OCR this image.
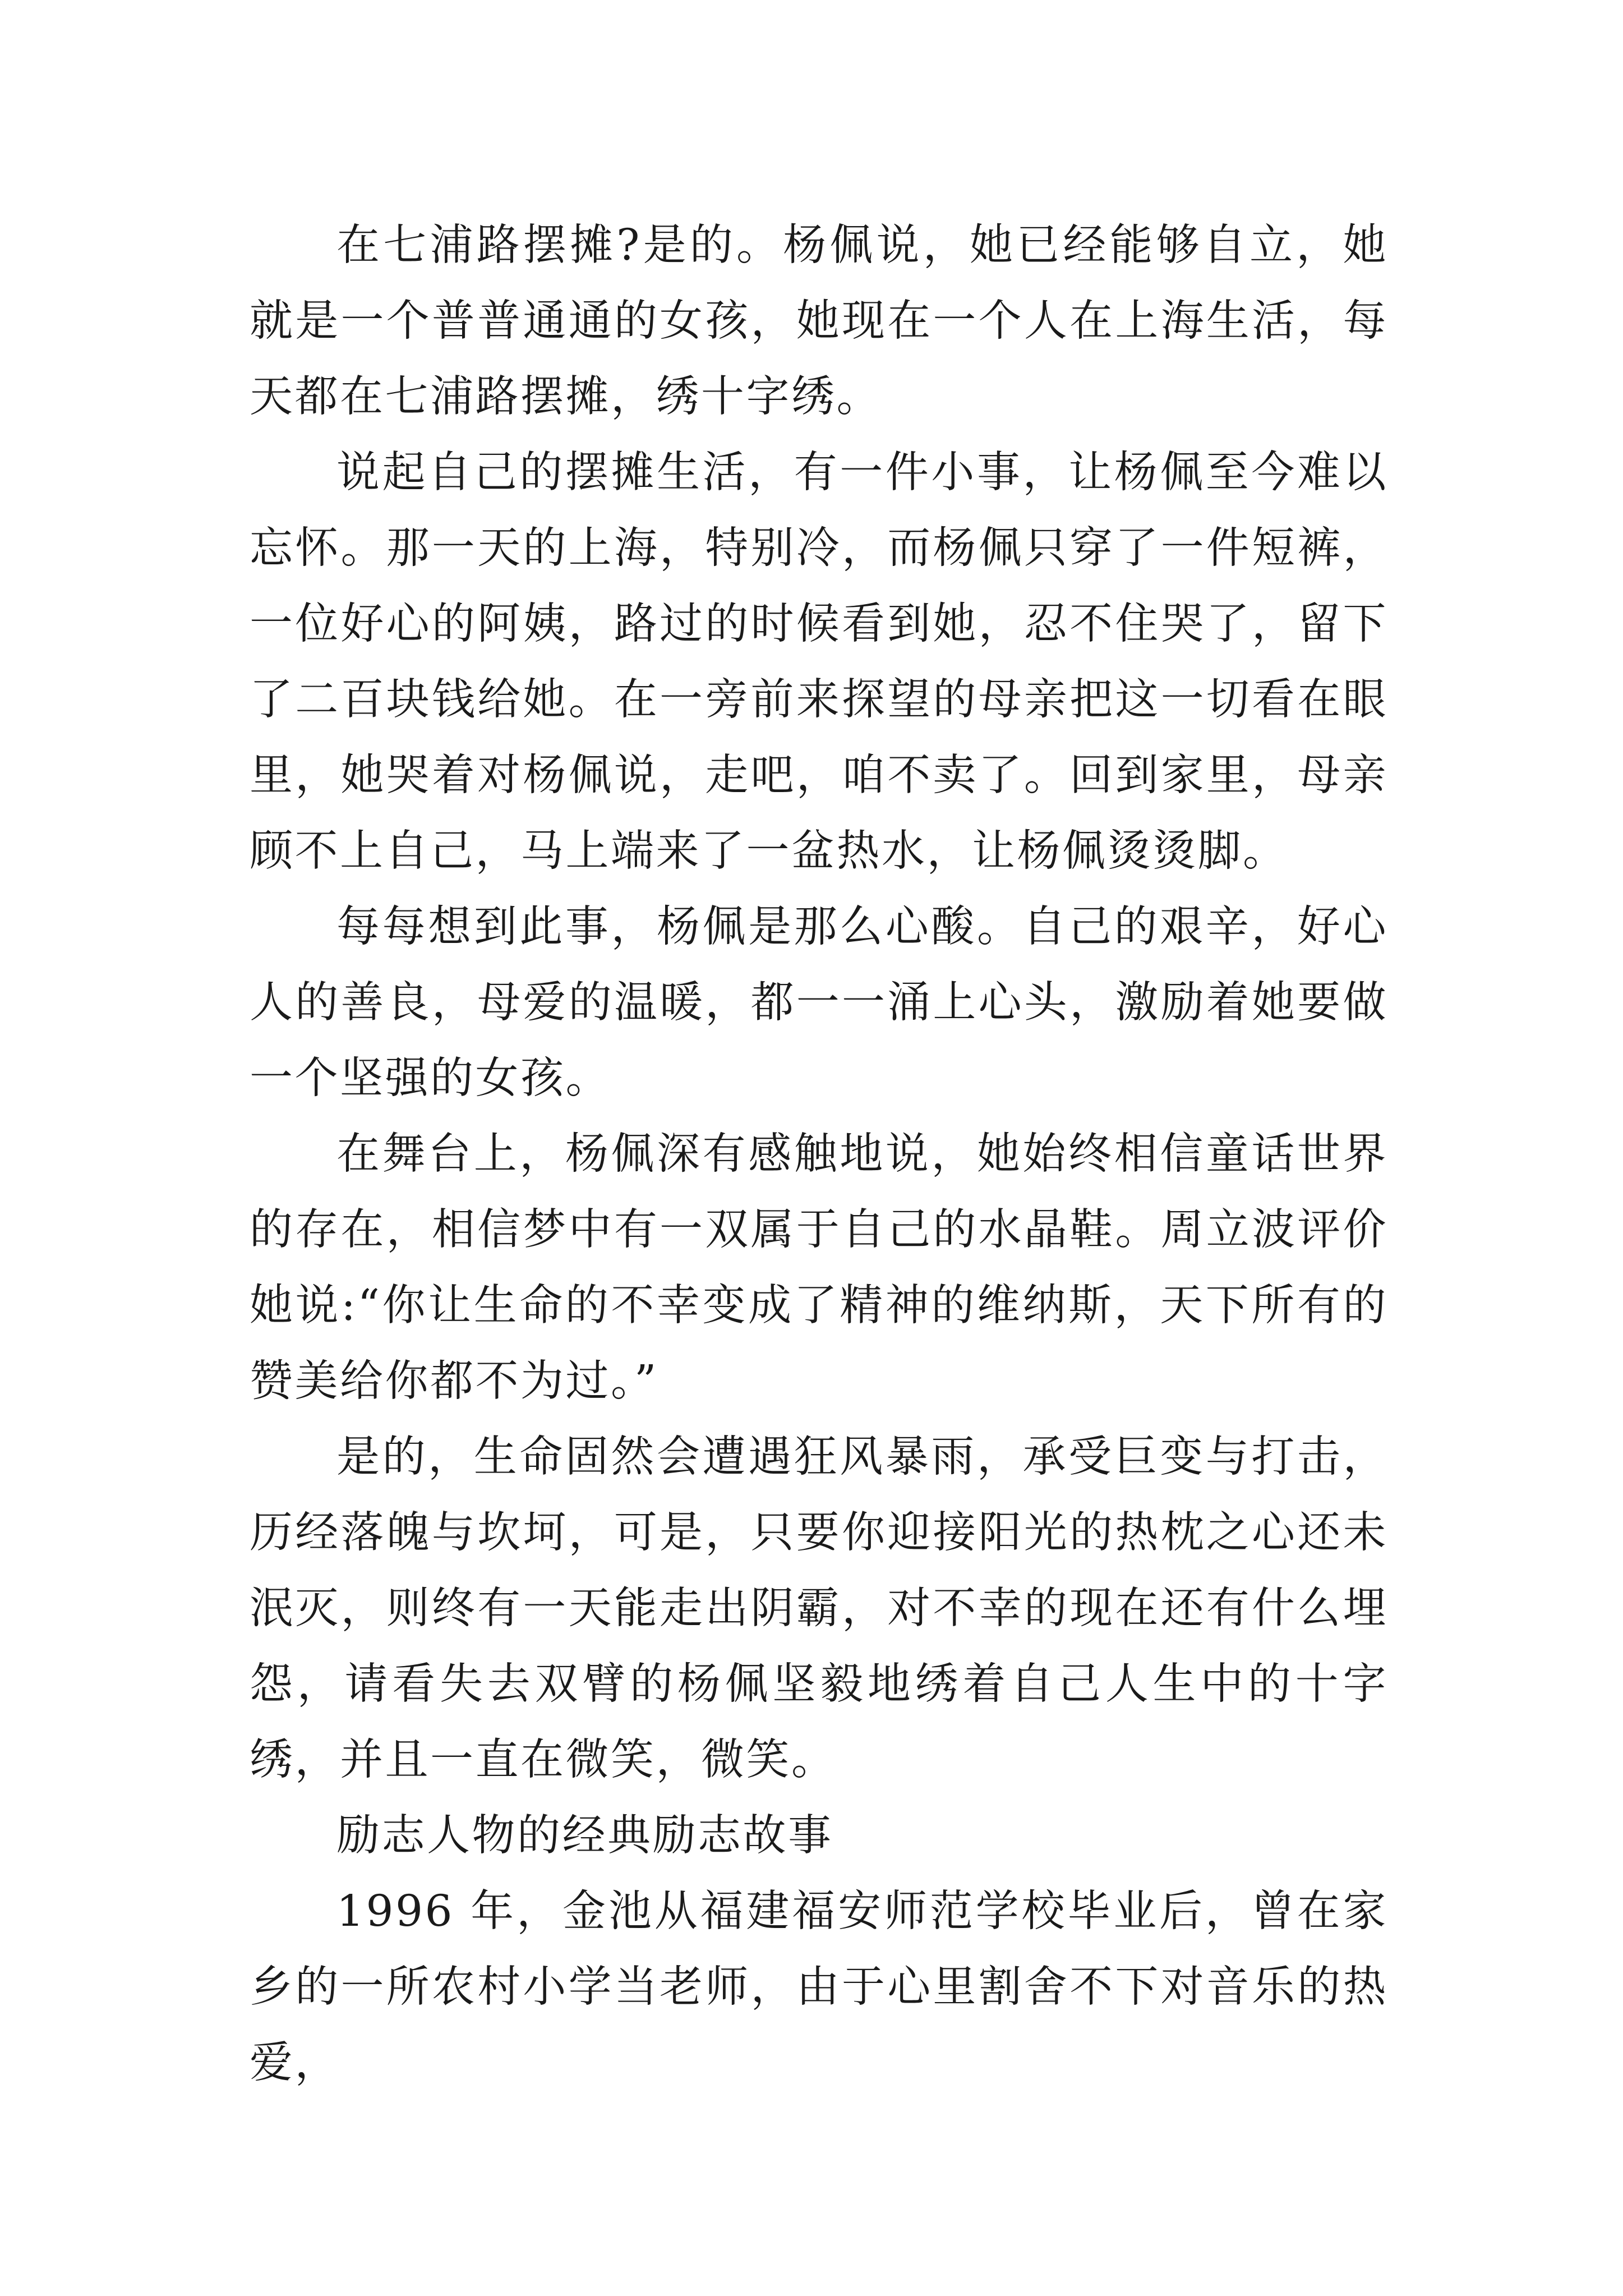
在七浦路摆摊?是的。杨佩说，她已经能够自立，她就是一个普普通通的女孩，她现在一个人在上海生活，每天都在七浦路摆摊，绣十字绣。

说起自己的摆摊生活，有一件小事，让杨佩至今难以忘怀。那一天的上海，特别冷，而杨佩只穿了一件短裤，一位好心的阿姨，路过的时候看到她，忍不住哭了，留下了二百块钱给她。在一旁前来探望的母亲把这一切看在眼里，她哭着对杨佩说，走吧，咱不卖了。回到家里，母亲顾不上自己，马上端来了一盆热水，让杨佩烫烫脚。

每每想到此事，杨佩是那么心酸。自己的艰辛，好心人的善良，母爱的温暖，都一一涌上心头，激励着她要做一个坚强的女孩。

在舞台上，杨佩深有感触地说，她始终相信童话世界的存在，相信梦中有一双属于自己的水晶鞋。周立波评价她说:“你让生命的不幸变成了精神的维纳斯，天下所有的赞美给你都不为过。”

是的，生命固然会遭遇狂风暴雨，承受巨变与打击，历经落魄与坎坷，可是，只要你迎接阳光的热枕之心还未泯灭，则终有一天能走出阴霸，对不幸的现在还有什么埋怨，请看失去双臂的杨佩坚毅地绣着自己人生中的十字绣，并且一直在微笑，微笑。

励志人物的经典励志故事

1996 年，金池从福建福安师范学校毕业后，曾在家乡的一所农村小学当老师，由于心里割舍不下对音乐的热爱，
